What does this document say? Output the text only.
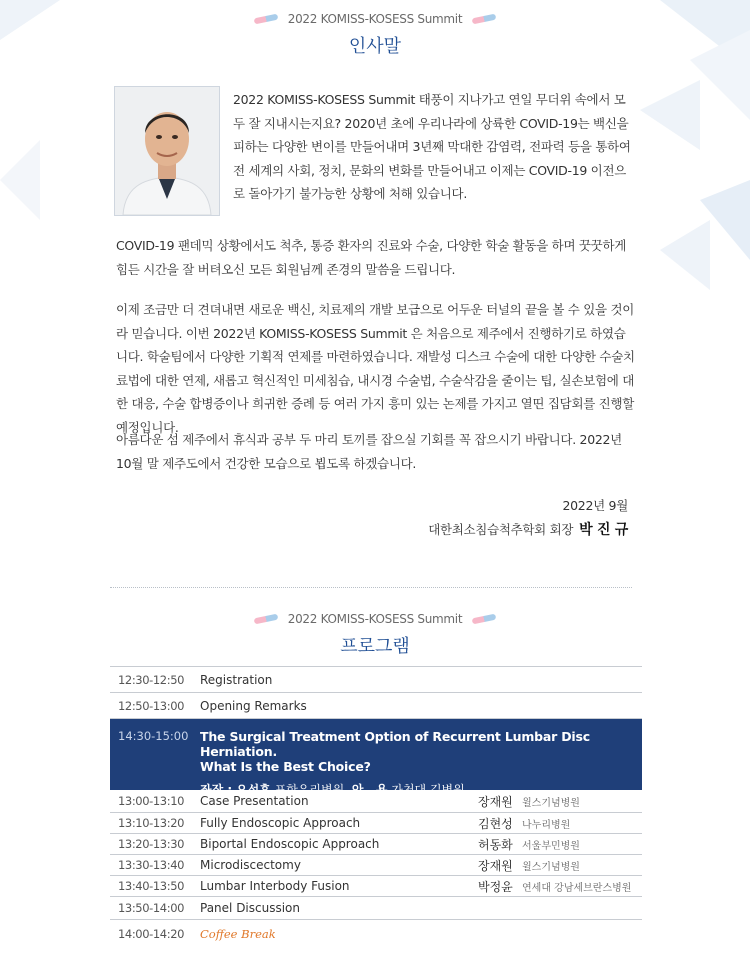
2022 KOMISS-KOSESS Summit
인사말
2022 KOMISS-KOSESS Summit 태풍이 지나가고 연일 무더위 속에서 모두 잘 지내시는지요? 2020년 초에 우리나라에 상륙한 COVID-19는 백신을 피하는 다양한 변이를 만들어내며 3년째 막대한 감염력, 전파력 등을 통하여 전 세계의 사회, 정치, 문화의 변화를 만들어내고 이제는 COVID-19 이전으로 돌아가기 불가능한 상황에 처해 있습니다.
COVID-19 팬데믹 상황에서도 척추, 통증 환자의 진료와 수술, 다양한 학술 활동을 하며 꿋꿋하게 힘든 시간을 잘 버텨오신 모든 회원님께 존경의 말씀을 드립니다.
이제 조금만 더 견뎌내면 새로운 백신, 치료제의 개발 보급으로 어두운 터널의 끝을 볼 수 있을 것이라 믿습니다. 이번 2022년 KOMISS-KOSESS Summit 은 처음으로 제주에서 진행하기로 하였습니다. 학술팀에서 다양한 기획적 연제를 마련하였습니다. 재발성 디스크 수술에 대한 다양한 수술치료법에 대한 연제, 새롭고 혁신적인 미세침습, 내시경 수술법, 수술삭감을 줄이는 팁, 실손보험에 대한 대응, 수술 합병증이나 희귀한 증례 등 여러 가지 흥미 있는 논제를 가지고 열띤 집담회를 진행할 예정입니다.
아름다운 섬 제주에서 휴식과 공부 두 마리 토끼를 잡으실 기회를 꼭 잡으시기 바랍니다. 2022년 10월 말 제주도에서 건강한 모습으로 뵙도록 하겠습니다.
2022년 9월
대한최소침습척추학회 회장 박 진 규
2022 KOMISS-KOSESS Summit
프로그램
12:30-12:50	Registration
12:50-13:00	Opening Remarks
14:30-15:00 The Surgical Treatment Option of Recurrent Lumbar Disc Herniation.
What Is the Best Choice?
좌장 : 오성훈 포항우리병원, 안   용 가천대 길병원
13:00-13:10	Case Presentation	장재원 윌스기념병원
13:10-13:20	Fully Endoscopic Approach	김현성 나누리병원
13:20-13:30	Biportal Endoscopic Approach	허동화 서울부민병원
13:30-13:40	Microdiscectomy	장재원 윌스기념병원
13:40-13:50	Lumbar Interbody Fusion	박정윤 연세대 강남세브란스병원
13:50-14:00	Panel Discussion
14:00-14:20	Coffee Break
